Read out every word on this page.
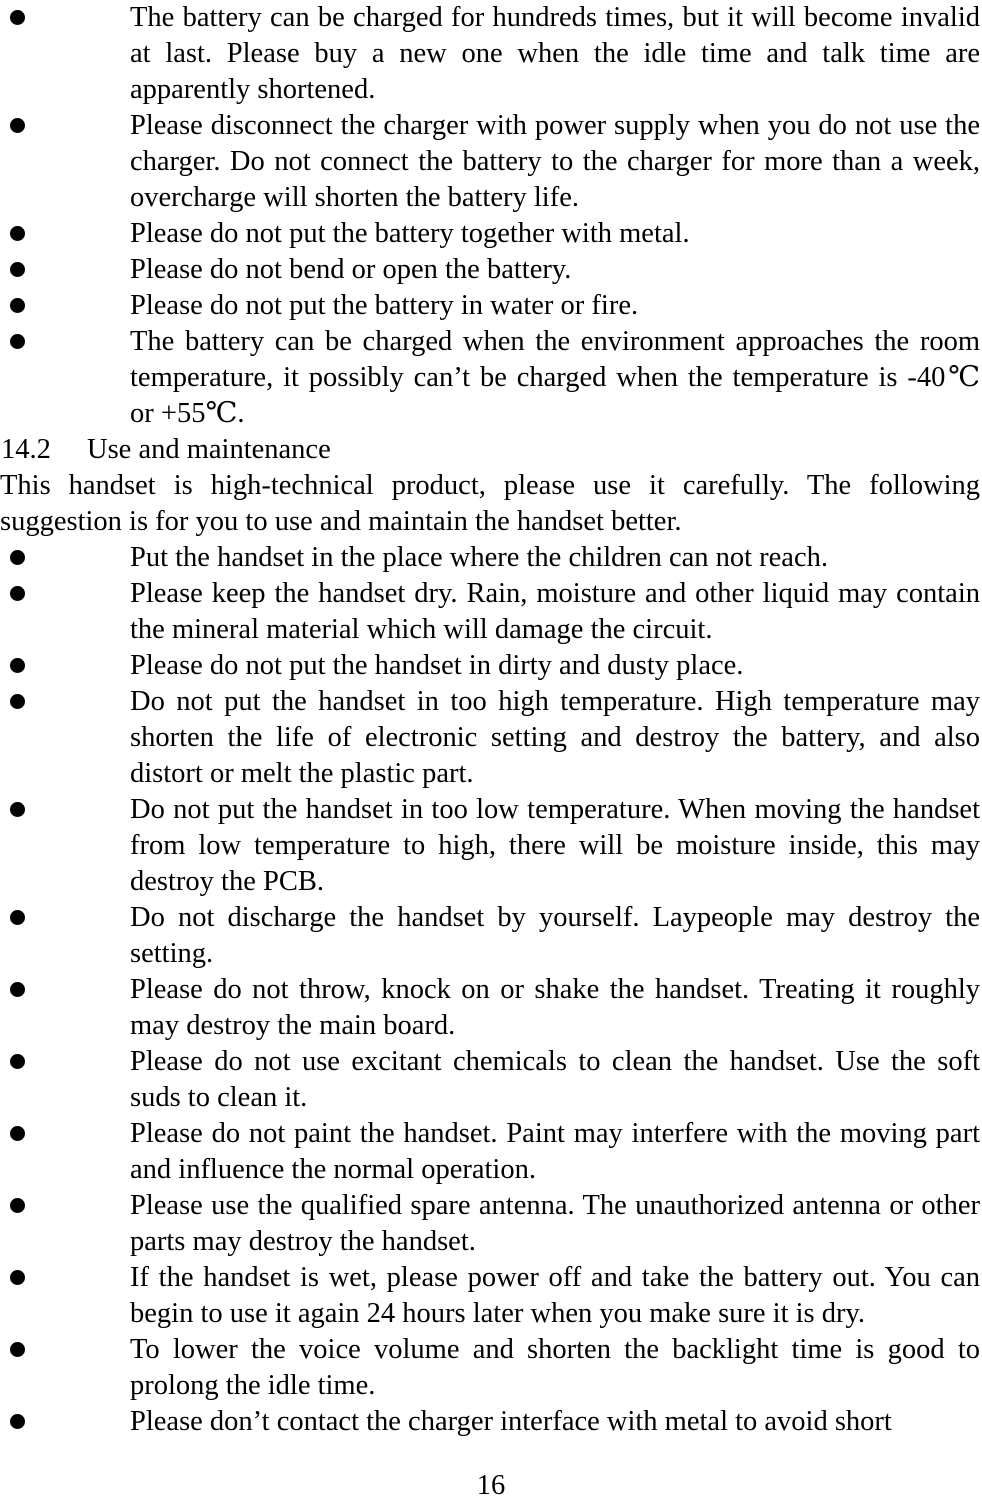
The battery can be charged for hundreds times, but it will become invalid at last. Please buy a new one when the idle time and talk time are apparently shortened.
Please disconnect the charger with power supply when you do not use the charger. Do not connect the battery to the charger for more than a week, overcharge will shorten the battery life.
Please do not put the battery together with metal.
Please do not bend or open the battery.
Please do not put the battery in water or fire.
The battery can be charged when the environment approaches the room temperature, it possibly can’t be charged when the temperature is -40℃ or +55℃.
14.2 Use and maintenance
This handset is high-technical product, please use it carefully. The following suggestion is for you to use and maintain the handset better.
Put the handset in the place where the children can not reach.
Please keep the handset dry. Rain, moisture and other liquid may contain the mineral material which will damage the circuit.
Please do not put the handset in dirty and dusty place.
Do not put the handset in too high temperature. High temperature may shorten the life of electronic setting and destroy the battery, and also distort or melt the plastic part.
Do not put the handset in too low temperature. When moving the handset from low temperature to high, there will be moisture inside, this may destroy the PCB.
Do not discharge the handset by yourself. Laypeople may destroy the setting.
Please do not throw, knock on or shake the handset. Treating it roughly may destroy the main board.
Please do not use excitant chemicals to clean the handset. Use the soft suds to clean it.
Please do not paint the handset. Paint may interfere with the moving part and influence the normal operation.
Please use the qualified spare antenna. The unauthorized antenna or other parts may destroy the handset.
If the handset is wet, please power off and take the battery out. You can begin to use it again 24 hours later when you make sure it is dry.
To lower the voice volume and shorten the backlight time is good to prolong the idle time.
Please don’t contact the charger interface with metal to avoid short
16
